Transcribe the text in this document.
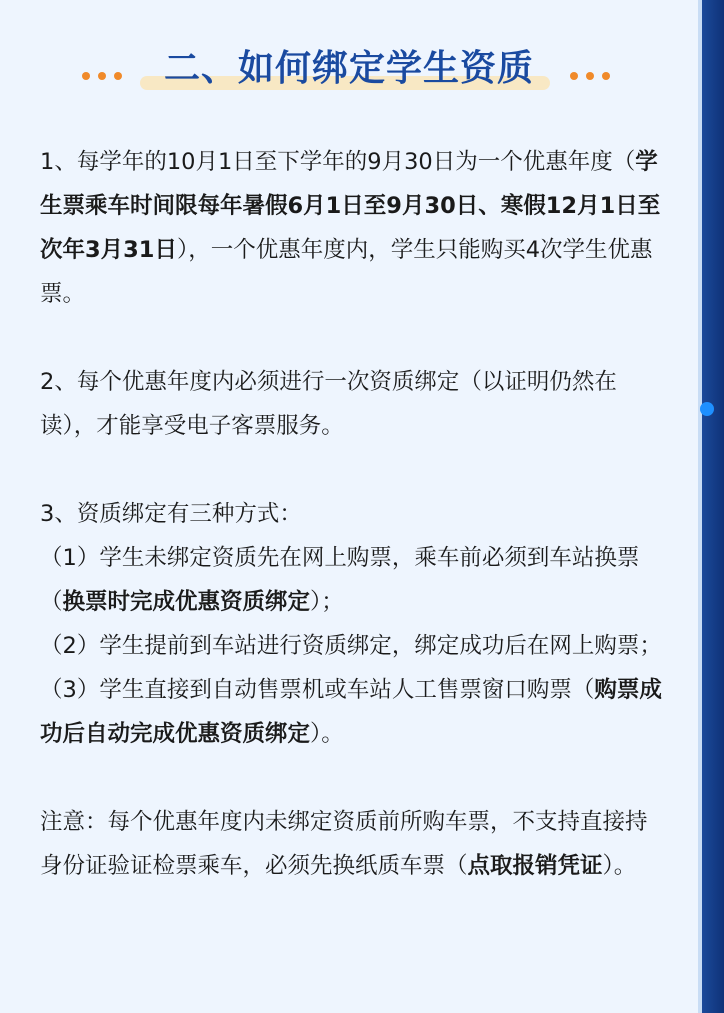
二、如何绑定学生资质

1、每学年的10月1日至下学年的9月30日为一个优惠年度（学生票乘车时间限每年暑假6月1日至9月30日、寒假12月1日至次年3月31日），一个优惠年度内，学生只能购买4次学生优惠票。

2、每个优惠年度内必须进行一次资质绑定（以证明仍然在读），才能享受电子客票服务。

3、资质绑定有三种方式：

（1）学生未绑定资质先在网上购票，乘车前必须到车站换票（换票时完成优惠资质绑定）；

（2）学生提前到车站进行资质绑定，绑定成功后在网上购票；

（3）学生直接到自动售票机或车站人工售票窗口购票（购票成功后自动完成优惠资质绑定）。

注意：每个优惠年度内未绑定资质前所购车票，不支持直接持身份证验证检票乘车，必须先换纸质车票（点取报销凭证）。
